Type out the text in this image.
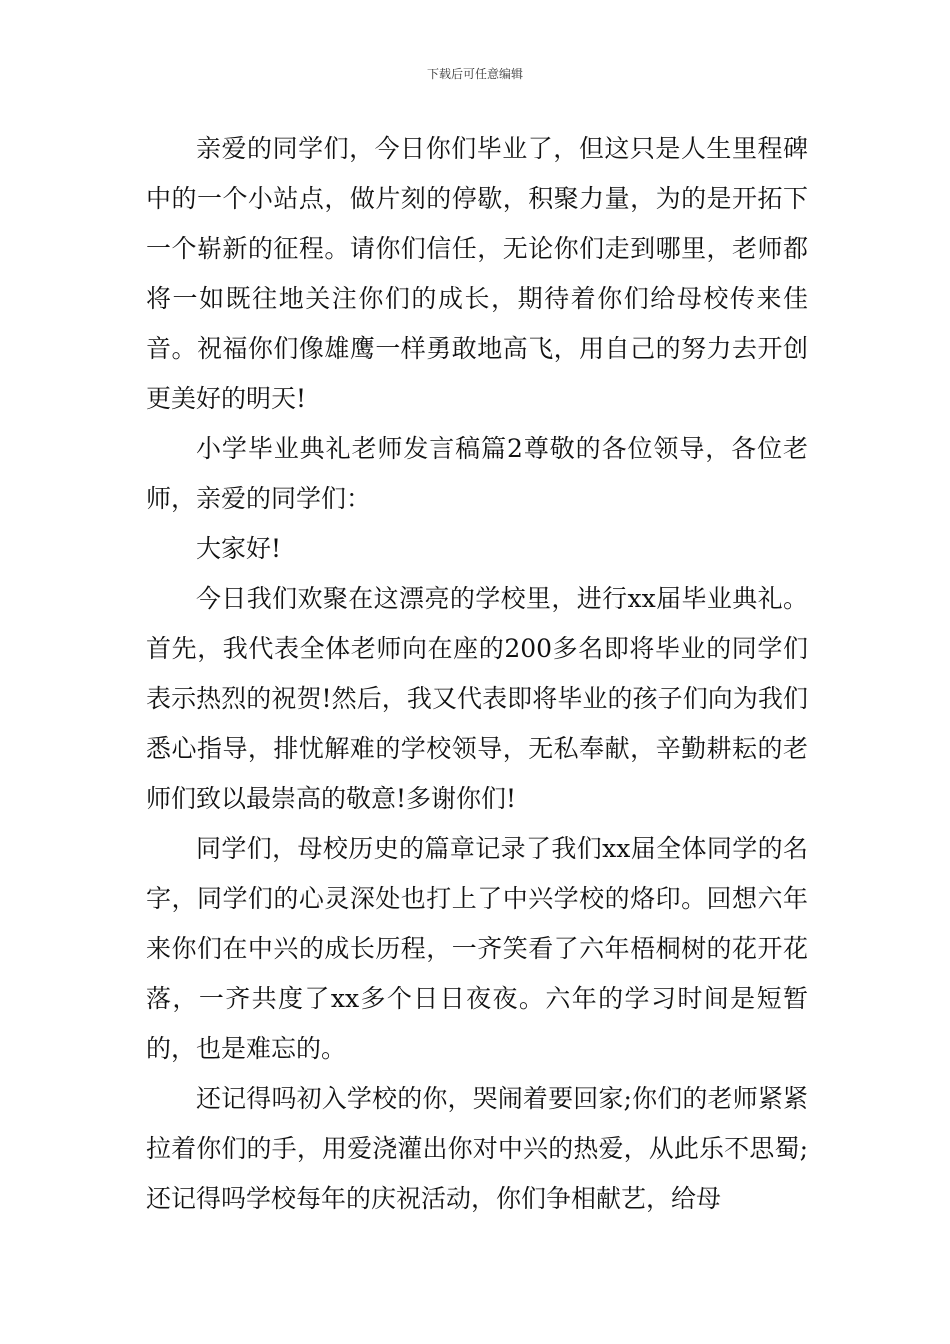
下载后可任意编辑

亲爱的同学们，今日你们毕业了，但这只是人生里程碑中的一个小站点，做片刻的停歇，积聚力量，为的是开拓下一个崭新的征程。请你们信任，无论你们走到哪里，老师都将一如既往地关注你们的成长，期待着你们给母校传来佳音。祝福你们像雄鹰一样勇敢地高飞，用自己的努力去开创更美好的明天!

小学毕业典礼老师发言稿篇2尊敬的各位领导，各位老师，亲爱的同学们：

大家好!

今日我们欢聚在这漂亮的学校里，进行xx届毕业典礼。首先，我代表全体老师向在座的200多名即将毕业的同学们表示热烈的祝贺!然后，我又代表即将毕业的孩子们向为我们悉心指导，排忧解难的学校领导，无私奉献，辛勤耕耘的老师们致以最崇高的敬意!多谢你们!

同学们，母校历史的篇章记录了我们xx届全体同学的名字，同学们的心灵深处也打上了中兴学校的烙印。回想六年来你们在中兴的成长历程，一齐笑看了六年梧桐树的花开花落，一齐共度了xx多个日日夜夜。六年的学习时间是短暂的，也是难忘的。

还记得吗初入学校的你，哭闹着要回家;你们的老师紧紧拉着你们的手，用爱浇灌出你对中兴的热爱，从此乐不思蜀;还记得吗学校每年的庆祝活动，你们争相献艺，给母
